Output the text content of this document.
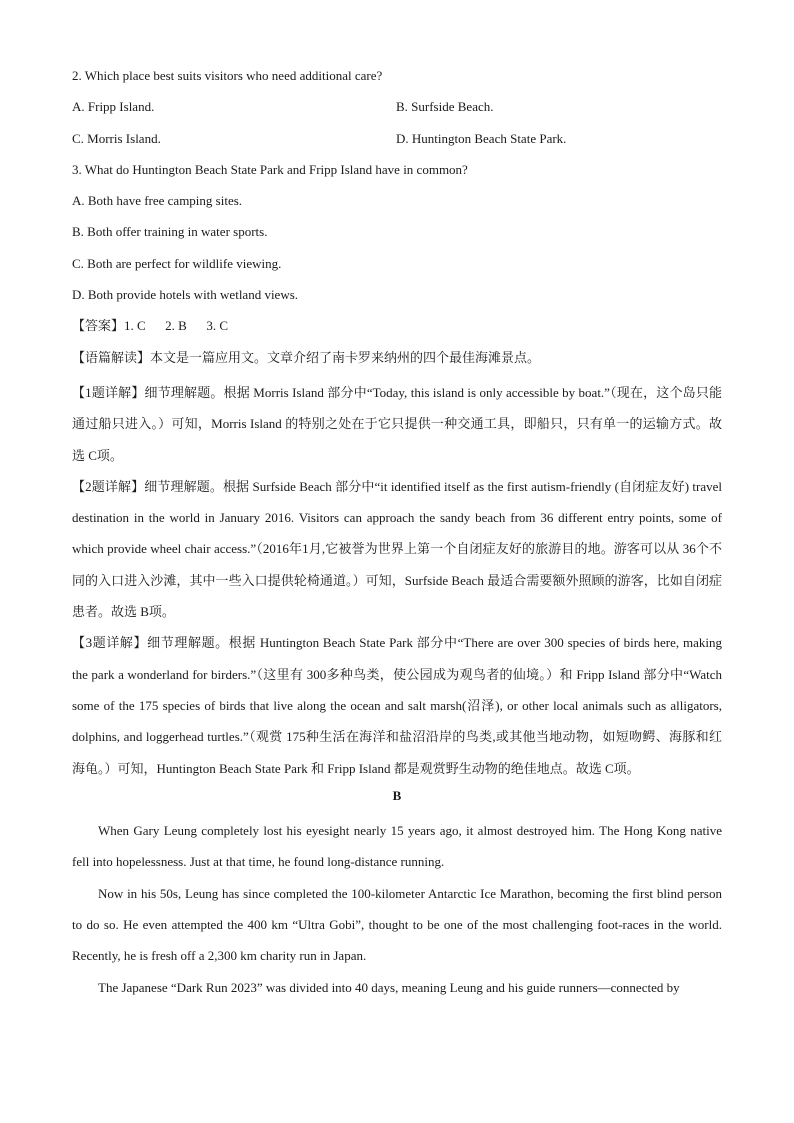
2. Which place best suits visitors who need additional care?
A. Fripp Island.	B. Surfside Beach.
C. Morris Island.	D. Huntington Beach State Park.
3. What do Huntington Beach State Park and Fripp Island have in common?
A. Both have free camping sites.
B. Both offer training in water sports.
C. Both are perfect for wildlife viewing.
D. Both provide hotels with wetland views.
【答案】1. C      2. B      3. C
【语篇解读】本文是一篇应用文。文章介绍了南卡罗来纳州的四个最佳海滩景点。

【1题详解】细节理解题。根据 Morris Island 部分中“Today, this island is only accessible by boat.”（现在，这个岛只能通过船只进入。）可知，Morris Island 的特别之处在于它只提供一种交通工具，即船只，只有单一的运输方式。故选 C项。

【2题详解】细节理解题。根据 Surfside Beach 部分中“it identified itself as the first autism-friendly (自闭症友好) travel destination in the world in January 2016. Visitors can approach the sandy beach from 36 different entry points, some of which provide wheel chair access.”（2016年1月,它被誉为世界上第一个自闭症友好的旅游目的地。游客可以从 36个不同的入口进入沙滩，其中一些入口提供轮椅通道。）可知，Surfside Beach 最适合需要额外照顾的游客，比如自闭症患者。故选 B项。

【3题详解】细节理解题。根据 Huntington Beach State Park 部分中“There are over 300 species of birds here, making the park a wonderland for birders.”（这里有 300多种鸟类，使公园成为观鸟者的仙境。）和 Fripp Island 部分中“Watch some of the 175 species of birds that live along the ocean and salt marsh(沼泽), or other local animals such as alligators, dolphins, and loggerhead turtles.”（观赏 175种生活在海洋和盐沼沿岸的鸟类,或其他当地动物，如短吻鳄、海豚和红海龟。）可知，Huntington Beach State Park 和 Fripp Island 都是观赏野生动物的绝佳地点。故选 C项。

B

When Gary Leung completely lost his eyesight nearly 15 years ago, it almost destroyed him. The Hong Kong native fell into hopelessness. Just at that time, he found long-distance running.

Now in his 50s, Leung has since completed the 100-kilometer Antarctic Ice Marathon, becoming the first blind person to do so. He even attempted the 400 km “Ultra Gobi”, thought to be one of the most challenging foot-races in the world. Recently, he is fresh off a 2,300 km charity run in Japan.

The Japanese “Dark Run 2023” was divided into 40 days, meaning Leung and his guide runners—connected by
